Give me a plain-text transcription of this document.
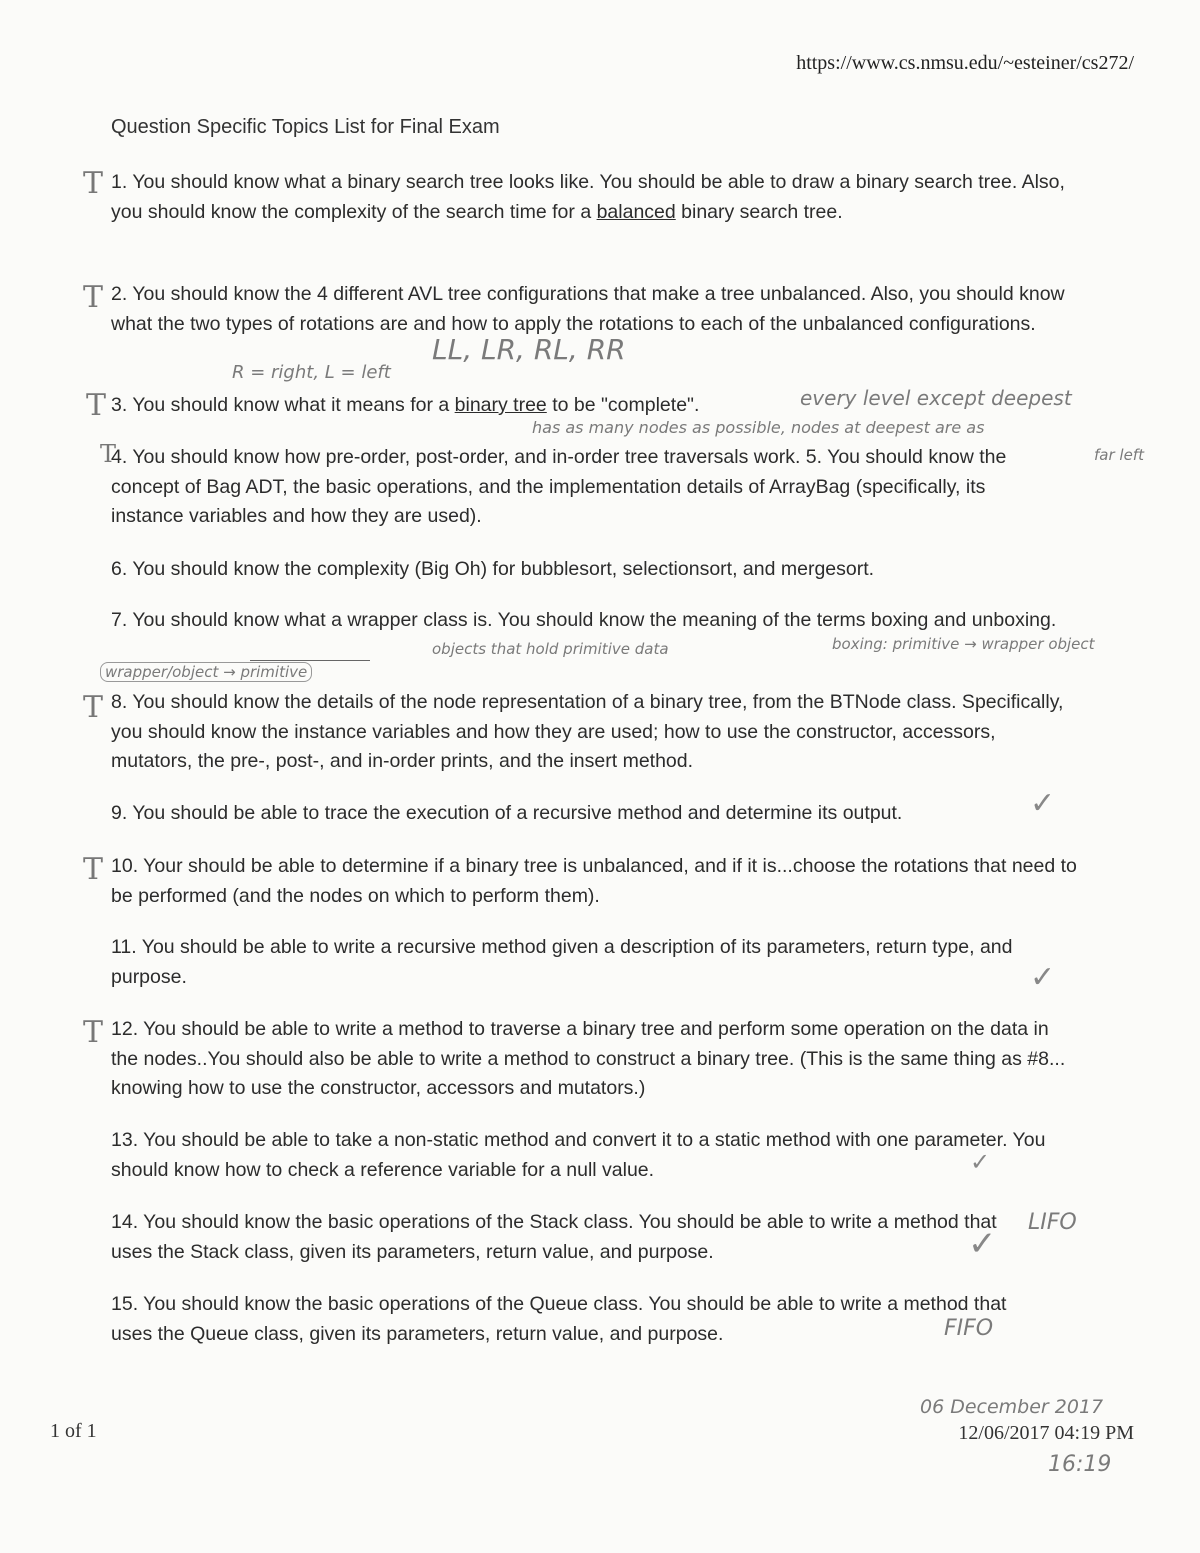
https://www.cs.nmsu.edu/~esteiner/cs272/
Question Specific Topics List for Final Exam
T 1. You should know what a binary search tree looks like. You should be able to draw a binary search tree. Also, you should know the complexity of the search time for a balanced binary search tree.
T 2. You should know the 4 different AVL tree configurations that make a tree unbalanced. Also, you should know what the two types of rotations are and how to apply the rotations to each of the unbalanced configurations.
LL, LR, RL, RR
R = right, L = left
T 3. You should know what it means for a binary tree to be "complete".	every level except deepest
has as many nodes as possible, nodes at deepest are as
far left
T
4. You should know how pre-order, post-order, and in-order tree traversals work. 5. You should know the concept of Bag ADT, the basic operations, and the implementation details of ArrayBag (specifically, its instance variables and how they are used).
6. You should know the complexity (Big Oh) for bubblesort, selectionsort, and mergesort.
7. You should know what a wrapper class is. You should know the meaning of the terms boxing and unboxing.
objects that hold primitive data	boxing: primitive → wrapper object
wrapper/object → primitive
T 8. You should know the details of the node representation of a binary tree, from the BTNode class. Specifically, you should know the instance variables and how they are used; how to use the constructor, accessors, mutators, the pre-, post-, and in-order prints, and the insert method.
9. You should be able to trace the execution of a recursive method and determine its output.	✓
T 10. Your should be able to determine if a binary tree is unbalanced, and if it is...choose the rotations that need to be performed (and the nodes on which to perform them).
11. You should be able to write a recursive method given a description of its parameters, return type, and purpose.	✓
T 12. You should be able to write a method to traverse a binary tree and perform some operation on the data in the nodes..You should also be able to write a method to construct a binary tree. (This is the same thing as #8... knowing how to use the constructor, accessors and mutators.)
13. You should be able to take a non-static method and convert it to a static method with one parameter. You should know how to check a reference variable for a null value.	✓
14. You should know the basic operations of the Stack class. You should be able to write a method that uses the Stack class, given its parameters, return value, and purpose.	✓
LIFO
15. You should know the basic operations of the Queue class. You should be able to write a method that uses the Queue class, given its parameters, return value, and purpose.	FIFO
1 of 1
06 December 2017
12/06/2017 04:19 PM
16:19
